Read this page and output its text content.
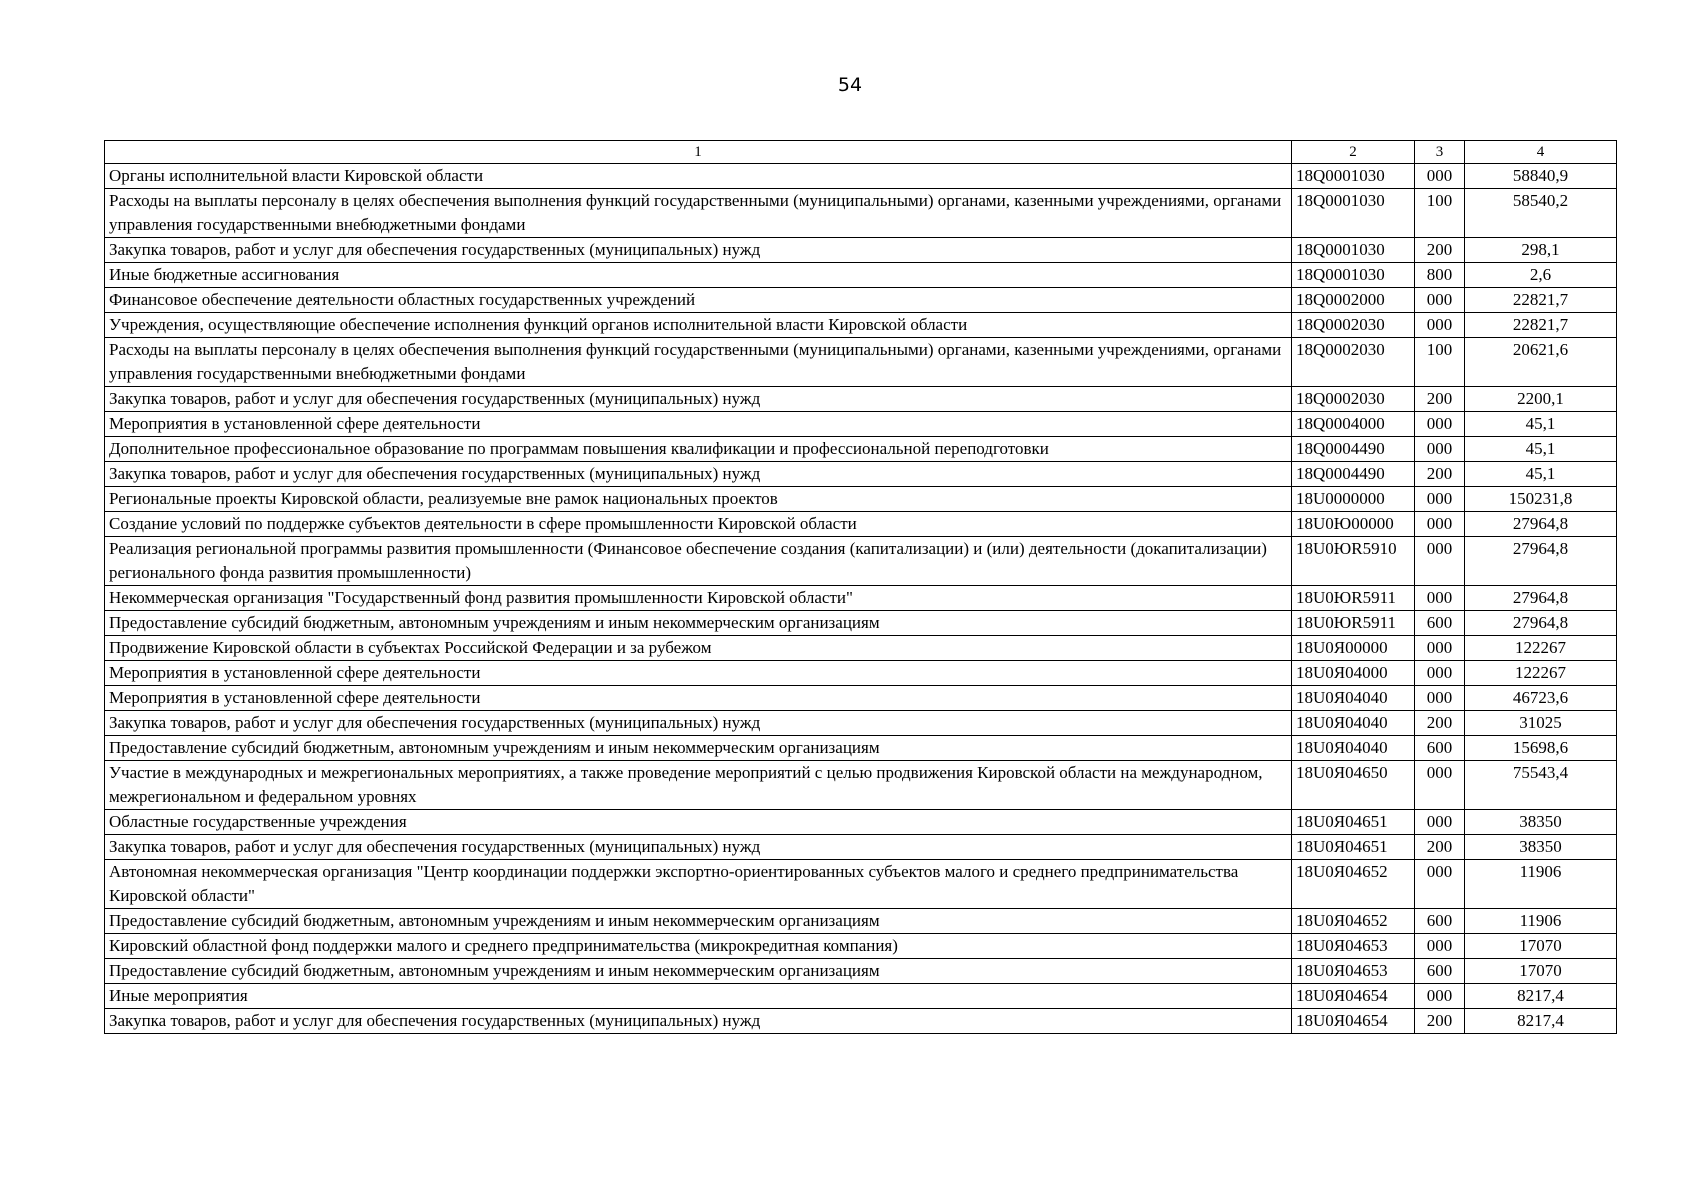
54
1	2	3	4
Органы исполнительной власти Кировской области	18Q0001030	000	58840,9
Расходы на выплаты персоналу в целях обеспечения выполнения функций государственными (муниципальными) органами, казенными учреждениями, органами управления государственными внебюджетными фондами	18Q0001030	100	58540,2
Закупка товаров, работ и услуг для обеспечения государственных (муниципальных) нужд	18Q0001030	200	298,1
Иные бюджетные ассигнования	18Q0001030	800	2,6
Финансовое обеспечение деятельности областных государственных учреждений	18Q0002000	000	22821,7
Учреждения, осуществляющие обеспечение исполнения функций органов исполнительной власти Кировской области	18Q0002030	000	22821,7
Расходы на выплаты персоналу в целях обеспечения выполнения функций государственными (муниципальными) органами, казенными учреждениями, органами управления государственными внебюджетными фондами	18Q0002030	100	20621,6
Закупка товаров, работ и услуг для обеспечения государственных (муниципальных) нужд	18Q0002030	200	2200,1
Мероприятия в установленной сфере деятельности	18Q0004000	000	45,1
Дополнительное профессиональное образование по программам повышения квалификации и профессиональной переподготовки	18Q0004490	000	45,1
Закупка товаров, работ и услуг для обеспечения государственных (муниципальных) нужд	18Q0004490	200	45,1
Региональные проекты Кировской области, реализуемые вне рамок национальных проектов	18U0000000	000	150231,8
Создание условий по поддержке субъектов деятельности в сфере промышленности Кировской области	18U0Ю00000	000	27964,8
Реализация региональной программы развития промышленности (Финансовое обеспечение создания (капитализации) и (или) деятельности (докапитализации) регионального фонда развития промышленности)	18U0ЮR5910	000	27964,8
Некоммерческая организация "Государственный фонд развития промышленности Кировской области"	18U0ЮR5911	000	27964,8
Предоставление субсидий бюджетным, автономным учреждениям и иным некоммерческим организациям	18U0ЮR5911	600	27964,8
Продвижение Кировской области в субъектах Российской Федерации и за рубежом	18U0Я00000	000	122267
Мероприятия в установленной сфере деятельности	18U0Я04000	000	122267
Мероприятия в установленной сфере деятельности	18U0Я04040	000	46723,6
Закупка товаров, работ и услуг для обеспечения государственных (муниципальных) нужд	18U0Я04040	200	31025
Предоставление субсидий бюджетным, автономным учреждениям и иным некоммерческим организациям	18U0Я04040	600	15698,6
Участие в международных и межрегиональных мероприятиях, а также проведение мероприятий с целью продвижения Кировской области на международном, межрегиональном и федеральном уровнях	18U0Я04650	000	75543,4
Областные государственные учреждения	18U0Я04651	000	38350
Закупка товаров, работ и услуг для обеспечения государственных (муниципальных) нужд	18U0Я04651	200	38350
Автономная некоммерческая организация "Центр координации поддержки экспортно-ориентированных субъектов малого и среднего предпринимательства Кировской области"	18U0Я04652	000	11906
Предоставление субсидий бюджетным, автономным учреждениям и иным некоммерческим организациям	18U0Я04652	600	11906
Кировский областной фонд поддержки малого и среднего предпринимательства (микрокредитная компания)	18U0Я04653	000	17070
Предоставление субсидий бюджетным, автономным учреждениям и иным некоммерческим организациям	18U0Я04653	600	17070
Иные мероприятия	18U0Я04654	000	8217,4
Закупка товаров, работ и услуг для обеспечения государственных (муниципальных) нужд	18U0Я04654	200	8217,4
